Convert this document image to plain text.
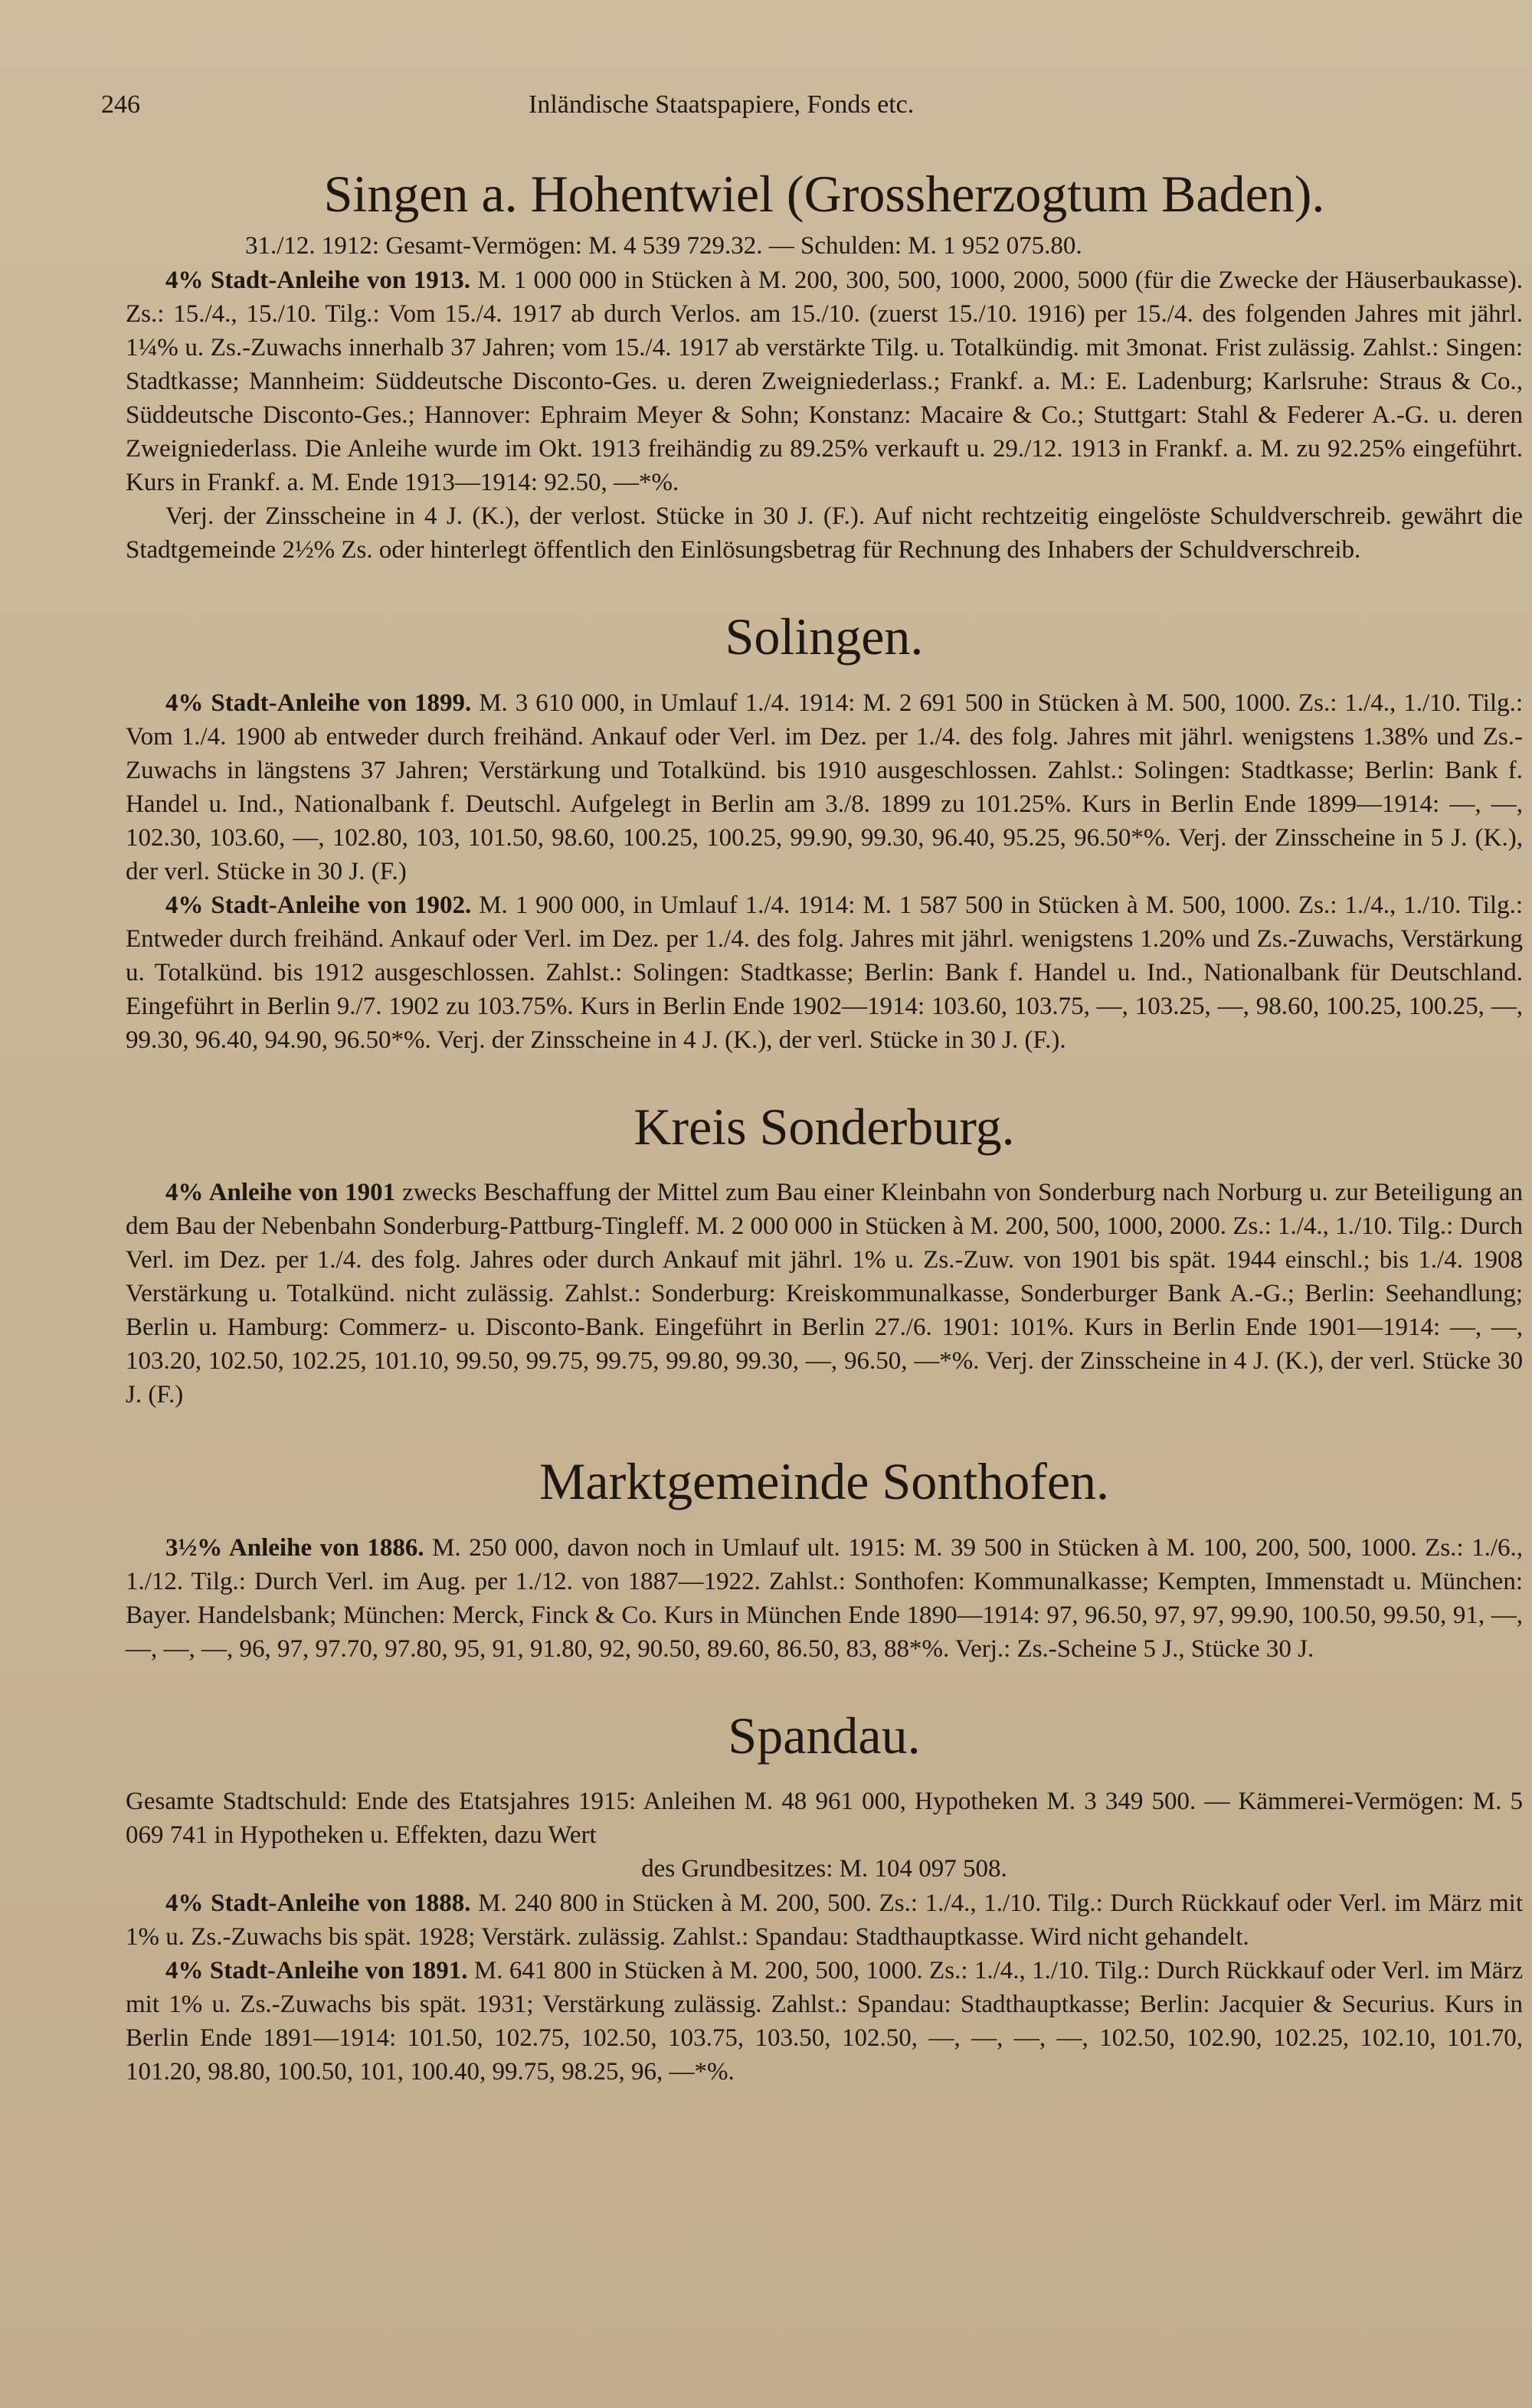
246	Inländische Staatspapiere, Fonds etc.
Singen a. Hohentwiel (Grossherzogtum Baden).

31./12. 1912: Gesamt-Vermögen: M. 4 539 729.32. — Schulden: M. 1 952 075.80.

4% Stadt-Anleihe von 1913. M. 1 000 000 in Stücken à M. 200, 300, 500, 1000, 2000, 5000 (für die Zwecke der Häuserbaukasse). Zs.: 15./4., 15./10. Tilg.: Vom 15./4. 1917 ab durch Verlos. am 15./10. (zuerst 15./10. 1916) per 15./4. des folgenden Jahres mit jährl. 1¼% u. Zs.-Zuwachs innerhalb 37 Jahren; vom 15./4. 1917 ab verstärkte Tilg. u. Totalkündig. mit 3monat. Frist zulässig. Zahlst.: Singen: Stadtkasse; Mannheim: Süddeutsche Disconto-Ges. u. deren Zweigniederlass.; Frankf. a. M.: E. Ladenburg; Karlsruhe: Straus & Co., Süddeutsche Disconto-Ges.; Hannover: Ephraim Meyer & Sohn; Konstanz: Macaire & Co.; Stuttgart: Stahl & Federer A.-G. u. deren Zweigniederlass. Die Anleihe wurde im Okt. 1913 freihändig zu 89.25% verkauft u. 29./12. 1913 in Frankf. a. M. zu 92.25% eingeführt. Kurs in Frankf. a. M. Ende 1913—1914: 92.50, —*%.

Verj. der Zinsscheine in 4 J. (K.), der verlost. Stücke in 30 J. (F.). Auf nicht rechtzeitig eingelöste Schuldverschreib. gewährt die Stadtgemeinde 2½% Zs. oder hinterlegt öffentlich den Einlösungsbetrag für Rechnung des Inhabers der Schuldverschreib.

Solingen.

4% Stadt-Anleihe von 1899. M. 3 610 000, in Umlauf 1./4. 1914: M. 2 691 500 in Stücken à M. 500, 1000. Zs.: 1./4., 1./10. Tilg.: Vom 1./4. 1900 ab entweder durch freihänd. Ankauf oder Verl. im Dez. per 1./4. des folg. Jahres mit jährl. wenigstens 1.38% und Zs.-Zuwachs in längstens 37 Jahren; Verstärkung und Totalkünd. bis 1910 ausgeschlossen. Zahlst.: Solingen: Stadtkasse; Berlin: Bank f. Handel u. Ind., Nationalbank f. Deutschl. Aufgelegt in Berlin am 3./8. 1899 zu 101.25%. Kurs in Berlin Ende 1899—1914: —, —, 102.30, 103.60, —, 102.80, 103, 101.50, 98.60, 100.25, 100.25, 99.90, 99.30, 96.40, 95.25, 96.50*%. Verj. der Zinsscheine in 5 J. (K.), der verl. Stücke in 30 J. (F.)

4% Stadt-Anleihe von 1902. M. 1 900 000, in Umlauf 1./4. 1914: M. 1 587 500 in Stücken à M. 500, 1000. Zs.: 1./4., 1./10. Tilg.: Entweder durch freihänd. Ankauf oder Verl. im Dez. per 1./4. des folg. Jahres mit jährl. wenigstens 1.20% und Zs.-Zuwachs, Verstärkung u. Totalkünd. bis 1912 ausgeschlossen. Zahlst.: Solingen: Stadtkasse; Berlin: Bank f. Handel u. Ind., Nationalbank für Deutschland. Eingeführt in Berlin 9./7. 1902 zu 103.75%. Kurs in Berlin Ende 1902—1914: 103.60, 103.75, —, 103.25, —, 98.60, 100.25, 100.25, —, 99.30, 96.40, 94.90, 96.50*%. Verj. der Zinsscheine in 4 J. (K.), der verl. Stücke in 30 J. (F.).

Kreis Sonderburg.

4% Anleihe von 1901 zwecks Beschaffung der Mittel zum Bau einer Kleinbahn von Sonderburg nach Norburg u. zur Beteiligung an dem Bau der Nebenbahn Sonderburg-Pattburg-Tinglеff. M. 2 000 000 in Stücken à M. 200, 500, 1000, 2000. Zs.: 1./4., 1./10. Tilg.: Durch Verl. im Dez. per 1./4. des folg. Jahres oder durch Ankauf mit jährl. 1% u. Zs.-Zuw. von 1901 bis spät. 1944 einschl.; bis 1./4. 1908 Verstärkung u. Totalkünd. nicht zulässig. Zahlst.: Sonderburg: Kreiskommunalkasse, Sonderburger Bank A.-G.; Berlin: Seehandlung; Berlin u. Hamburg: Commerz- u. Disconto-Bank. Eingeführt in Berlin 27./6. 1901: 101%. Kurs in Berlin Ende 1901—1914: —, —, 103.20, 102.50, 102.25, 101.10, 99.50, 99.75, 99.75, 99.80, 99.30, —, 96.50, —*%. Verj. der Zinsscheine in 4 J. (K.), der verl. Stücke 30 J. (F.)

Marktgemeinde Sonthofen.

3½% Anleihe von 1886. M. 250 000, davon noch in Umlauf ult. 1915: M. 39 500 in Stücken à M. 100, 200, 500, 1000. Zs.: 1./6., 1./12. Tilg.: Durch Verl. im Aug. per 1./12. von 1887—1922. Zahlst.: Sonthofen: Kommunalkasse; Kempten, Immenstadt u. München: Bayer. Handelsbank; München: Merck, Finck & Co. Kurs in München Ende 1890—1914: 97, 96.50, 97, 97, 99.90, 100.50, 99.50, 91, —, —, —, —, 96, 97, 97.70, 97.80, 95, 91, 91.80, 92, 90.50, 89.60, 86.50, 83, 88*%. Verj.: Zs.-Scheine 5 J., Stücke 30 J.

Spandau.

Gesamte Stadtschuld: Ende des Etatsjahres 1915: Anleihen M. 48 961 000, Hypotheken M. 3 349 500. — Kämmerei-Vermögen: M. 5 069 741 in Hypotheken u. Effekten, dazu Wert

des Grundbesitzes: M. 104 097 508.

4% Stadt-Anleihe von 1888. M. 240 800 in Stücken à M. 200, 500. Zs.: 1./4., 1./10. Tilg.: Durch Rückkauf oder Verl. im März mit 1% u. Zs.-Zuwachs bis spät. 1928; Verstärk. zulässig. Zahlst.: Spandau: Stadthauptkasse. Wird nicht gehandelt.

4% Stadt-Anleihe von 1891. M. 641 800 in Stücken à M. 200, 500, 1000. Zs.: 1./4., 1./10. Tilg.: Durch Rückkauf oder Verl. im März mit 1% u. Zs.-Zuwachs bis spät. 1931; Verstärkung zulässig. Zahlst.: Spandau: Stadthauptkasse; Berlin: Jacquier & Securius. Kurs in Berlin Ende 1891—1914: 101.50, 102.75, 102.50, 103.75, 103.50, 102.50, —, —, —, —, 102.50, 102.90, 102.25, 102.10, 101.70, 101.20, 98.80, 100.50, 101, 100.40, 99.75, 98.25, 96, —*%.
